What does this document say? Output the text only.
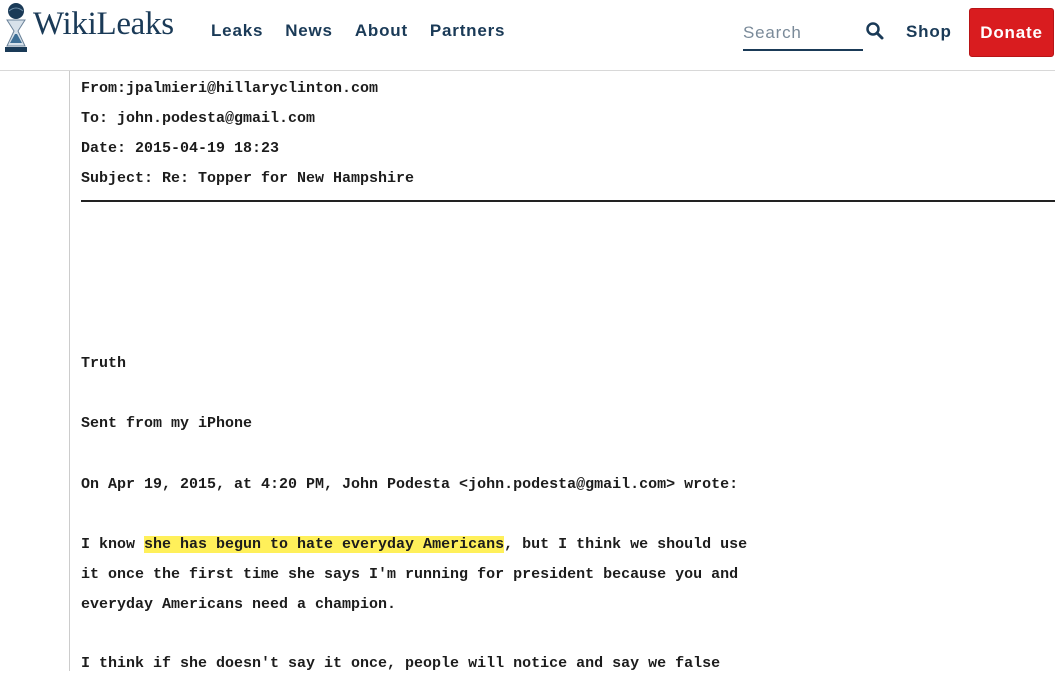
WikiLeaks Leaks News About Partners
Search	Shop	Donate
From:jpalmieri@hillaryclinton.com
To: john.podesta@gmail.com
Date: 2015-04-19 18:23
Subject: Re: Topper for New Hampshire
Truth
Sent from my iPhone
On Apr 19, 2015, at 4:20 PM, John Podesta <john.podesta@gmail.com> wrote:
I know she has begun to hate everyday Americans, but I think we should use
it once the first time she says I'm running for president because you and
everyday Americans need a champion.
I think if she doesn't say it once, people will notice and say we false
